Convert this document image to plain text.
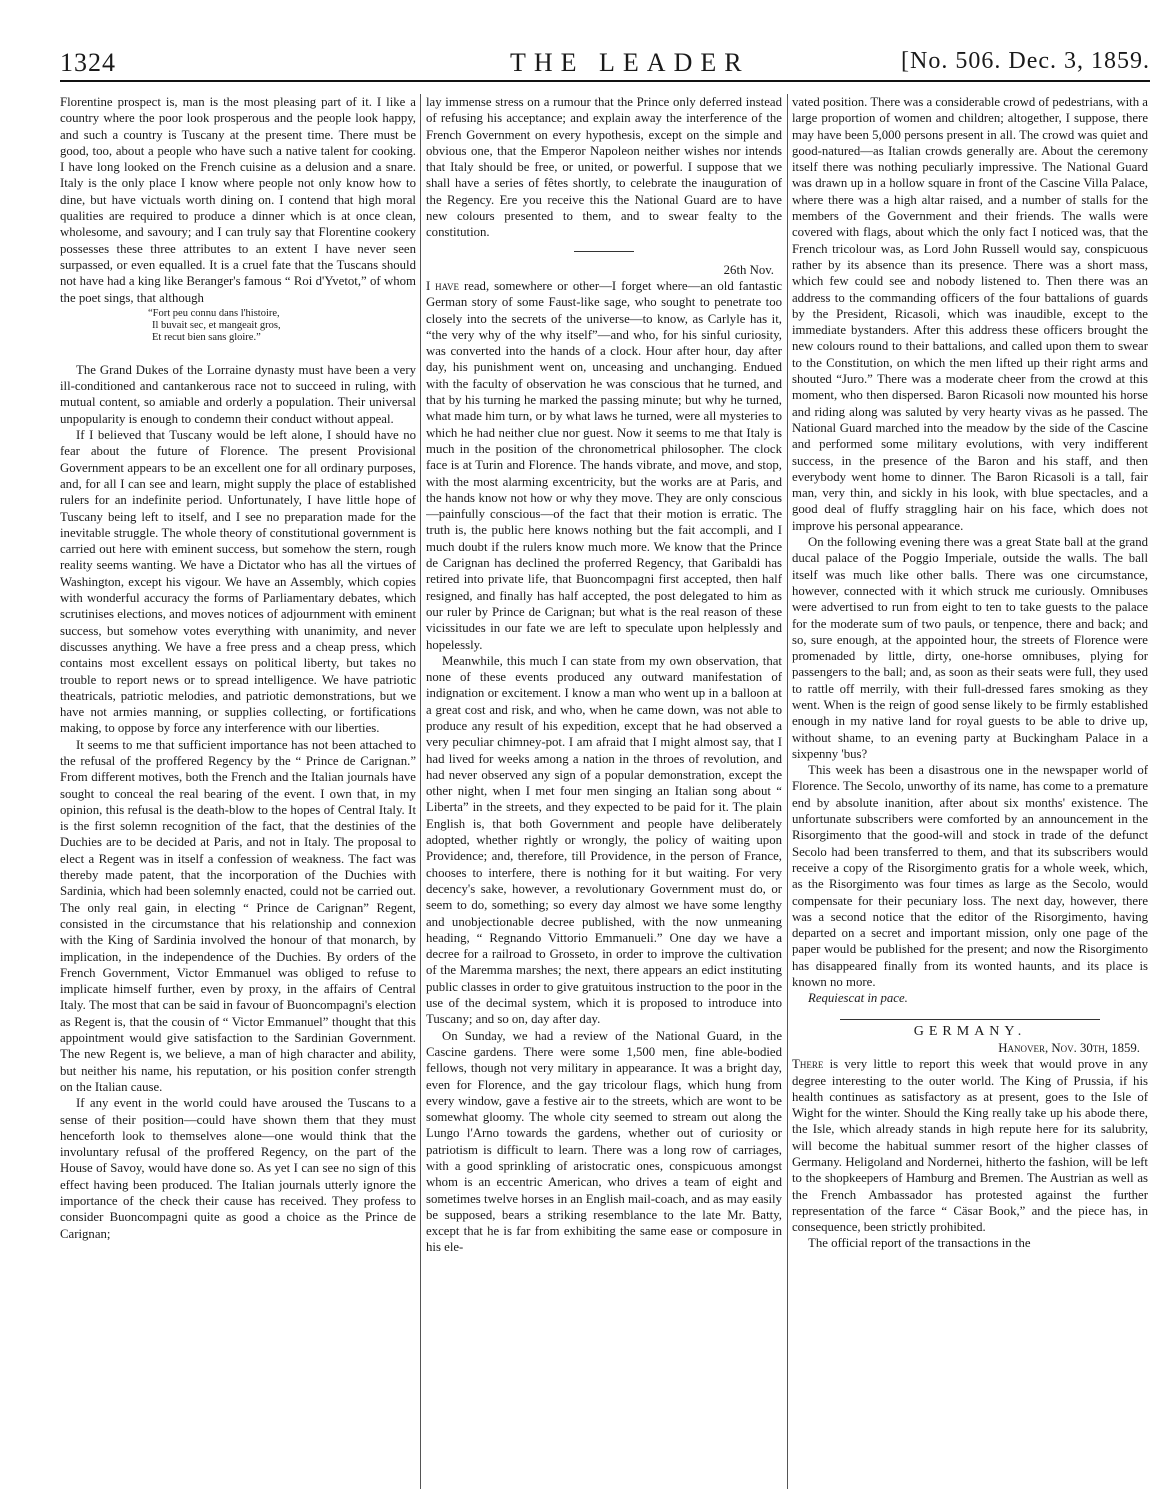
1324	THE LEADER	[No. 506. Dec. 3, 1859.

Florentine prospect is, man is the most pleasing part of it. I like a country where the poor look prosperous and the people look happy, and such a country is Tuscany at the present time. There must be good, too, about a people who have such a native talent for cooking. I have long looked on the French cuisine as a delusion and a snare. Italy is the only place I know where people not only know how to dine, but have victuals worth dining on. I contend that high moral qualities are required to produce a dinner which is at once clean, wholesome, and savoury; and I can truly say that Florentine cookery possesses these three attributes to an extent I have never seen surpassed, or even equalled. It is a cruel fate that the Tuscans should not have had a king like Beranger's famous “ Roi d'Yvetot,” of whom the poet sings, that although

“Fort peu connu dans l'histoire,
Il buvait sec, et mangeait gros,
Et recut bien sans gloire.”

The Grand Dukes of the Lorraine dynasty must have been a very ill-conditioned and cantankerous race not to succeed in ruling, with mutual content, so amiable and orderly a population. Their universal unpopularity is enough to condemn their conduct without appeal.

If I believed that Tuscany would be left alone, I should have no fear about the future of Florence. The present Provisional Government appears to be an excellent one for all ordinary purposes, and, for all I can see and learn, might supply the place of established rulers for an indefinite period. Unfortunately, I have little hope of Tuscany being left to itself, and I see no preparation made for the inevitable struggle. The whole theory of constitutional government is carried out here with eminent success, but somehow the stern, rough reality seems wanting. We have a Dictator who has all the virtues of Washington, except his vigour. We have an Assembly, which copies with wonderful accuracy the forms of Parliamentary debates, which scrutinises elections, and moves notices of adjournment with eminent success, but somehow votes everything with unanimity, and never discusses anything. We have a free press and a cheap press, which contains most excellent essays on political liberty, but takes no trouble to report news or to spread intelligence. We have patriotic theatricals, patriotic melodies, and patriotic demonstrations, but we have not armies manning, or supplies collecting, or fortifications making, to oppose by force any interference with our liberties.

It seems to me that sufficient importance has not been attached to the refusal of the proffered Regency by the “ Prince de Carignan.” From different motives, both the French and the Italian journals have sought to conceal the real bearing of the event. I own that, in my opinion, this refusal is the death-blow to the hopes of Central Italy. It is the first solemn recognition of the fact, that the destinies of the Duchies are to be decided at Paris, and not in Italy. The proposal to elect a Regent was in itself a confession of weakness. The fact was thereby made patent, that the incorporation of the Duchies with Sardinia, which had been solemnly enacted, could not be carried out. The only real gain, in electing “ Prince de Carignan” Regent, consisted in the circumstance that his relationship and connexion with the King of Sardinia involved the honour of that monarch, by implication, in the independence of the Duchies. By orders of the French Government, Victor Emmanuel was obliged to refuse to implicate himself further, even by proxy, in the affairs of Central Italy. The most that can be said in favour of Buoncompagni's election as Regent is, that the cousin of “ Victor Emmanuel” thought that this appointment would give satisfaction to the Sardinian Government. The new Regent is, we believe, a man of high character and ability, but neither his name, his reputation, or his position confer strength on the Italian cause.

If any event in the world could have aroused the Tuscans to a sense of their position—could have shown them that they must henceforth look to themselves alone—one would think that the involuntary refusal of the proffered Regency, on the part of the House of Savoy, would have done so. As yet I can see no sign of this effect having been produced. The Italian journals utterly ignore the importance of the check their cause has received. They profess to consider Buoncompagni quite as good a choice as the Prince de Carignan;

lay immense stress on a rumour that the Prince only deferred instead of refusing his acceptance; and explain away the interference of the French Government on every hypothesis, except on the simple and obvious one, that the Emperor Napoleon neither wishes nor intends that Italy should be free, or united, or powerful. I suppose that we shall have a series of fêtes shortly, to celebrate the inauguration of the Regency. Ere you receive this the National Guard are to have new colours presented to them, and to swear fealty to the constitution.

26th Nov.

I have read, somewhere or other—I forget where—an old fantastic German story of some Faust-like sage, who sought to penetrate too closely into the secrets of the universe—to know, as Carlyle has it, “the very why of the why itself”—and who, for his sinful curiosity, was converted into the hands of a clock. Hour after hour, day after day, his punishment went on, unceasing and unchanging. Endued with the faculty of observation he was conscious that he turned, and that by his turning he marked the passing minute; but why he turned, what made him turn, or by what laws he turned, were all mysteries to which he had neither clue nor guest. Now it seems to me that Italy is much in the position of the chronometrical philosopher. The clock face is at Turin and Florence. The hands vibrate, and move, and stop, with the most alarming excentricity, but the works are at Paris, and the hands know not how or why they move. They are only conscious—painfully conscious—of the fact that their motion is erratic. The truth is, the public here knows nothing but the fait accompli, and I much doubt if the rulers know much more. We know that the Prince de Carignan has declined the proferred Regency, that Garibaldi has retired into private life, that Buoncompagni first accepted, then half resigned, and finally has half accepted, the post delegated to him as our ruler by Prince de Carignan; but what is the real reason of these vicissitudes in our fate we are left to speculate upon helplessly and hopelessly.

Meanwhile, this much I can state from my own observation, that none of these events produced any outward manifestation of indignation or excitement. I know a man who went up in a balloon at a great cost and risk, and who, when he came down, was not able to produce any result of his expedition, except that he had observed a very peculiar chimney-pot. I am afraid that I might almost say, that I had lived for weeks among a nation in the throes of revolution, and had never observed any sign of a popular demonstration, except the other night, when I met four men singing an Italian song about “ Liberta” in the streets, and they expected to be paid for it. The plain English is, that both Government and people have deliberately adopted, whether rightly or wrongly, the policy of waiting upon Providence; and, therefore, till Providence, in the person of France, chooses to interfere, there is nothing for it but waiting. For very decency's sake, however, a revolutionary Government must do, or seem to do, something; so every day almost we have some lengthy and unobjectionable decree published, with the now unmeaning heading, “ Regnando Vittorio Emmanueli.” One day we have a decree for a railroad to Grosseto, in order to improve the cultivation of the Maremma marshes; the next, there appears an edict instituting public classes in order to give gratuitous instruction to the poor in the use of the decimal system, which it is proposed to introduce into Tuscany; and so on, day after day.

On Sunday, we had a review of the National Guard, in the Cascine gardens. There were some 1,500 men, fine able-bodied fellows, though not very military in appearance. It was a bright day, even for Florence, and the gay tricolour flags, which hung from every window, gave a festive air to the streets, which are wont to be somewhat gloomy. The whole city seemed to stream out along the Lungo l'Arno towards the gardens, whether out of curiosity or patriotism is difficult to learn. There was a long row of carriages, with a good sprinkling of aristocratic ones, conspicuous amongst whom is an eccentric American, who drives a team of eight and sometimes twelve horses in an English mail-coach, and as may easily be supposed, bears a striking resemblance to the late Mr. Batty, except that he is far from exhibiting the same ease or composure in his ele-

vated position. There was a considerable crowd of pedestrians, with a large proportion of women and children; altogether, I suppose, there may have been 5,000 persons present in all. The crowd was quiet and good-natured—as Italian crowds generally are. About the ceremony itself there was nothing peculiarly impressive. The National Guard was drawn up in a hollow square in front of the Cascine Villa Palace, where there was a high altar raised, and a number of stalls for the members of the Government and their friends. The walls were covered with flags, about which the only fact I noticed was, that the French tricolour was, as Lord John Russell would say, conspicuous rather by its absence than its presence. There was a short mass, which few could see and nobody listened to. Then there was an address to the commanding officers of the four battalions of guards by the President, Ricasoli, which was inaudible, except to the immediate bystanders. After this address these officers brought the new colours round to their battalions, and called upon them to swear to the Constitution, on which the men lifted up their right arms and shouted “Juro.” There was a moderate cheer from the crowd at this moment, who then dispersed. Baron Ricasoli now mounted his horse and riding along was saluted by very hearty vivas as he passed. The National Guard marched into the meadow by the side of the Cascine and performed some military evolutions, with very indifferent success, in the presence of the Baron and his staff, and then everybody went home to dinner. The Baron Ricasoli is a tall, fair man, very thin, and sickly in his look, with blue spectacles, and a good deal of fluffy straggling hair on his face, which does not improve his personal appearance.

On the following evening there was a great State ball at the grand ducal palace of the Poggio Imperiale, outside the walls. The ball itself was much like other balls. There was one circumstance, however, connected with it which struck me curiously. Omnibuses were advertised to run from eight to ten to take guests to the palace for the moderate sum of two pauls, or tenpence, there and back; and so, sure enough, at the appointed hour, the streets of Florence were promenaded by little, dirty, one-horse omnibuses, plying for passengers to the ball; and, as soon as their seats were full, they used to rattle off merrily, with their full-dressed fares smoking as they went. When is the reign of good sense likely to be firmly established enough in my native land for royal guests to be able to drive up, without shame, to an evening party at Buckingham Palace in a sixpenny 'bus?

This week has been a disastrous one in the newspaper world of Florence. The Secolo, unworthy of its name, has come to a premature end by absolute inanition, after about six months' existence. The unfortunate subscribers were comforted by an announcement in the Risorgimento that the good-will and stock in trade of the defunct Secolo had been transferred to them, and that its subscribers would receive a copy of the Risorgimento gratis for a whole week, which, as the Risorgimento was four times as large as the Secolo, would compensate for their pecuniary loss. The next day, however, there was a second notice that the editor of the Risorgimento, having departed on a secret and important mission, only one page of the paper would be published for the present; and now the Risorgimento has disappeared finally from its wonted haunts, and its place is known no more.

Requiescat in pace.

GERMANY.

Hanover, Nov. 30th, 1859.

There is very little to report this week that would prove in any degree interesting to the outer world. The King of Prussia, if his health continues as satisfactory as at present, goes to the Isle of Wight for the winter. Should the King really take up his abode there, the Isle, which already stands in high repute here for its salubrity, will become the habitual summer resort of the higher classes of Germany. Heligoland and Nordernei, hitherto the fashion, will be left to the shopkeepers of Hamburg and Bremen. The Austrian as well as the French Ambassador has protested against the further representation of the farce “ Cäsar Book,” and the piece has, in consequence, been strictly prohibited.

The official report of the transactions in the
